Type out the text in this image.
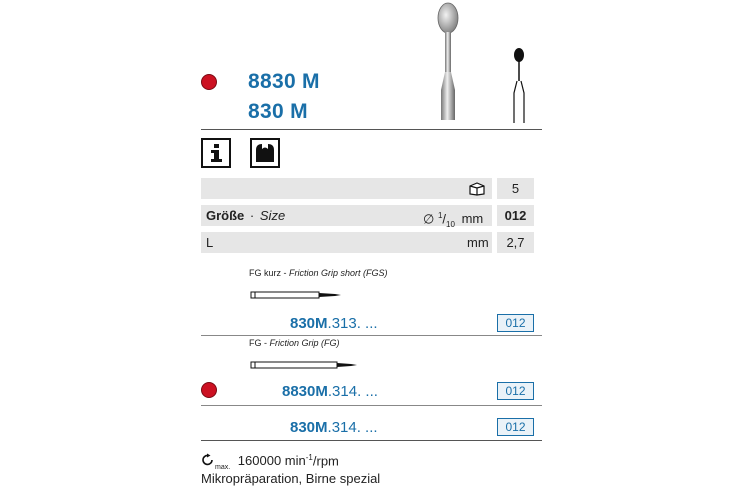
8830 M
830 M
5
Größe · Size	∅ $^1/_{10}$ mm	012
L	mm	2,7
FG kurz - Friction Grip short (FGS)
830M.313. ...	012
FG - Friction Grip (FG)
8830M.314. ...	012
830M.314. ...	012
$_{max.}$ 160000 $\min^{-1}$/rpm
Mikropräparation, Birne spezial
